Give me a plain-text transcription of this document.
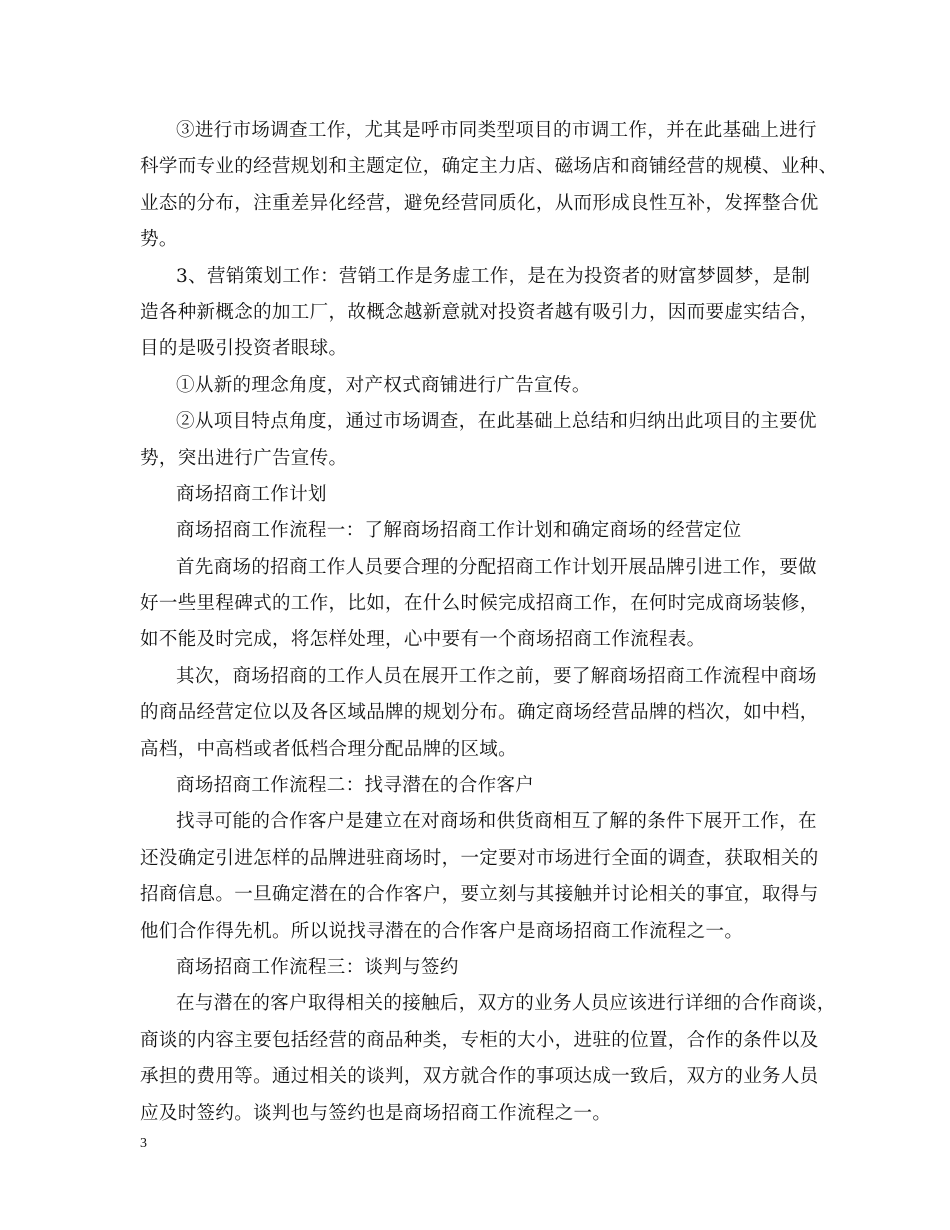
③进行市场调查工作，尤其是呼市同类型项目的市调工作，并在此基础上进行
科学而专业的经营规划和主题定位，确定主力店、磁场店和商铺经营的规模、业种、
业态的分布，注重差异化经营，避免经营同质化，从而形成良性互补，发挥整合优
势。
3、营销策划工作：营销工作是务虚工作，是在为投资者的财富梦圆梦，是制
造各种新概念的加工厂，故概念越新意就对投资者越有吸引力，因而要虚实结合，
目的是吸引投资者眼球。
①从新的理念角度，对产权式商铺进行广告宣传。
②从项目特点角度，通过市场调查，在此基础上总结和归纳出此项目的主要优
势，突出进行广告宣传。
商场招商工作计划
商场招商工作流程一：了解商场招商工作计划和确定商场的经营定位
首先商场的招商工作人员要合理的分配招商工作计划开展品牌引进工作，要做
好一些里程碑式的工作，比如，在什么时候完成招商工作，在何时完成商场装修，
如不能及时完成，将怎样处理，心中要有一个商场招商工作流程表。
其次，商场招商的工作人员在展开工作之前，要了解商场招商工作流程中商场
的商品经营定位以及各区域品牌的规划分布。确定商场经营品牌的档次，如中档，
高档，中高档或者低档合理分配品牌的区域。
商场招商工作流程二：找寻潜在的合作客户
找寻可能的合作客户是建立在对商场和供货商相互了解的条件下展开工作，在
还没确定引进怎样的品牌进驻商场时，一定要对市场进行全面的调查，获取相关的
招商信息。一旦确定潜在的合作客户，要立刻与其接触并讨论相关的事宜，取得与
他们合作得先机。所以说找寻潜在的合作客户是商场招商工作流程之一。
商场招商工作流程三：谈判与签约
在与潜在的客户取得相关的接触后，双方的业务人员应该进行详细的合作商谈，
商谈的内容主要包括经营的商品种类，专柜的大小，进驻的位置，合作的条件以及
承担的费用等。通过相关的谈判，双方就合作的事项达成一致后，双方的业务人员
应及时签约。谈判也与签约也是商场招商工作流程之一。
3
